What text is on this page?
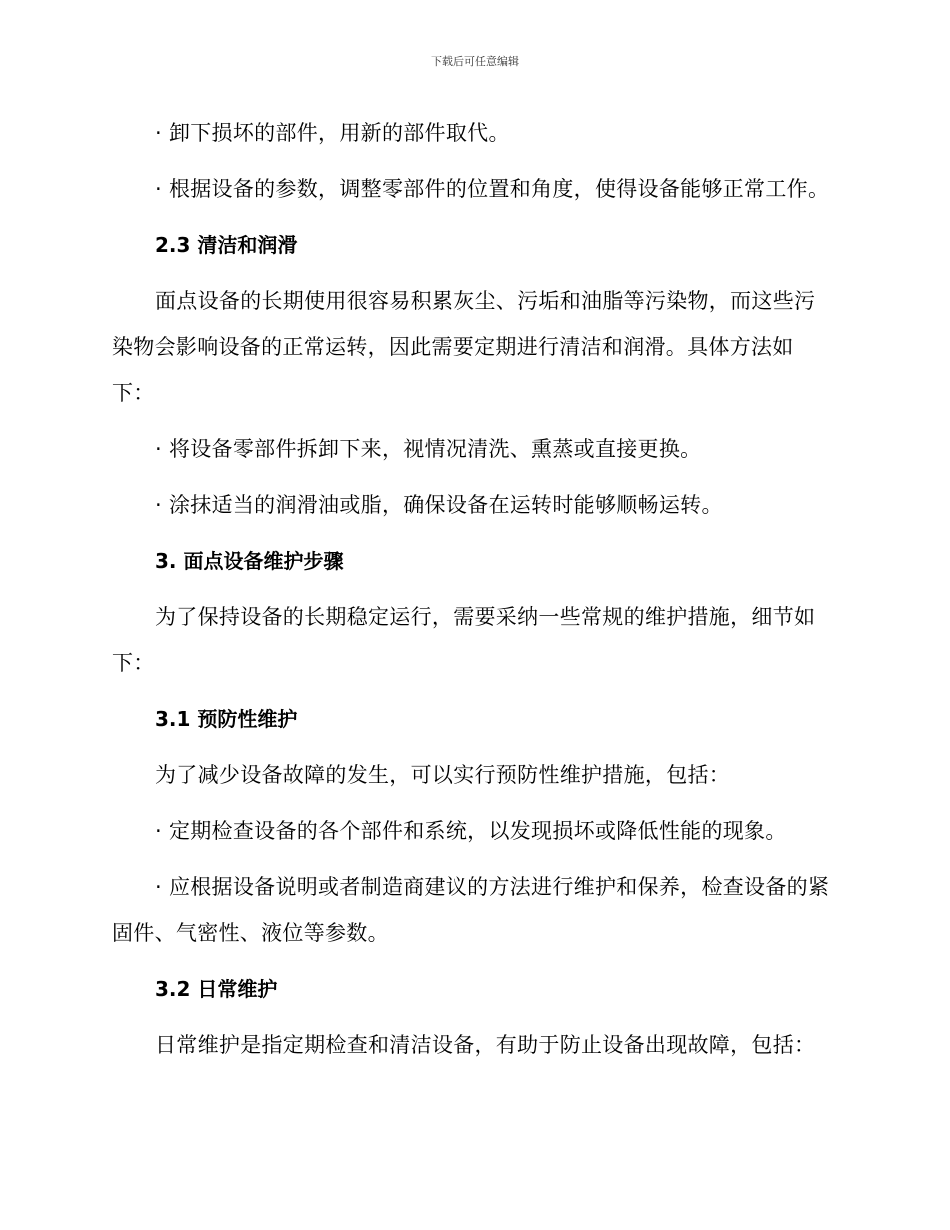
下载后可任意编辑

· 卸下损坏的部件，用新的部件取代。

· 根据设备的参数，调整零部件的位置和角度，使得设备能够正常工作。

2.3 清洁和润滑

面点设备的长期使用很容易积累灰尘、污垢和油脂等污染物，而这些污染物会影响设备的正常运转，因此需要定期进行清洁和润滑。具体方法如下：

· 将设备零部件拆卸下来，视情况清洗、熏蒸或直接更换。

· 涂抹适当的润滑油或脂，确保设备在运转时能够顺畅运转。

3. 面点设备维护步骤

为了保持设备的长期稳定运行，需要采纳一些常规的维护措施，细节如下：

3.1 预防性维护

为了减少设备故障的发生，可以实行预防性维护措施，包括：

· 定期检查设备的各个部件和系统，以发现损坏或降低性能的现象。

· 应根据设备说明或者制造商建议的方法进行维护和保养，检查设备的紧固件、气密性、液位等参数。

3.2 日常维护

日常维护是指定期检查和清洁设备，有助于防止设备出现故障，包括：
